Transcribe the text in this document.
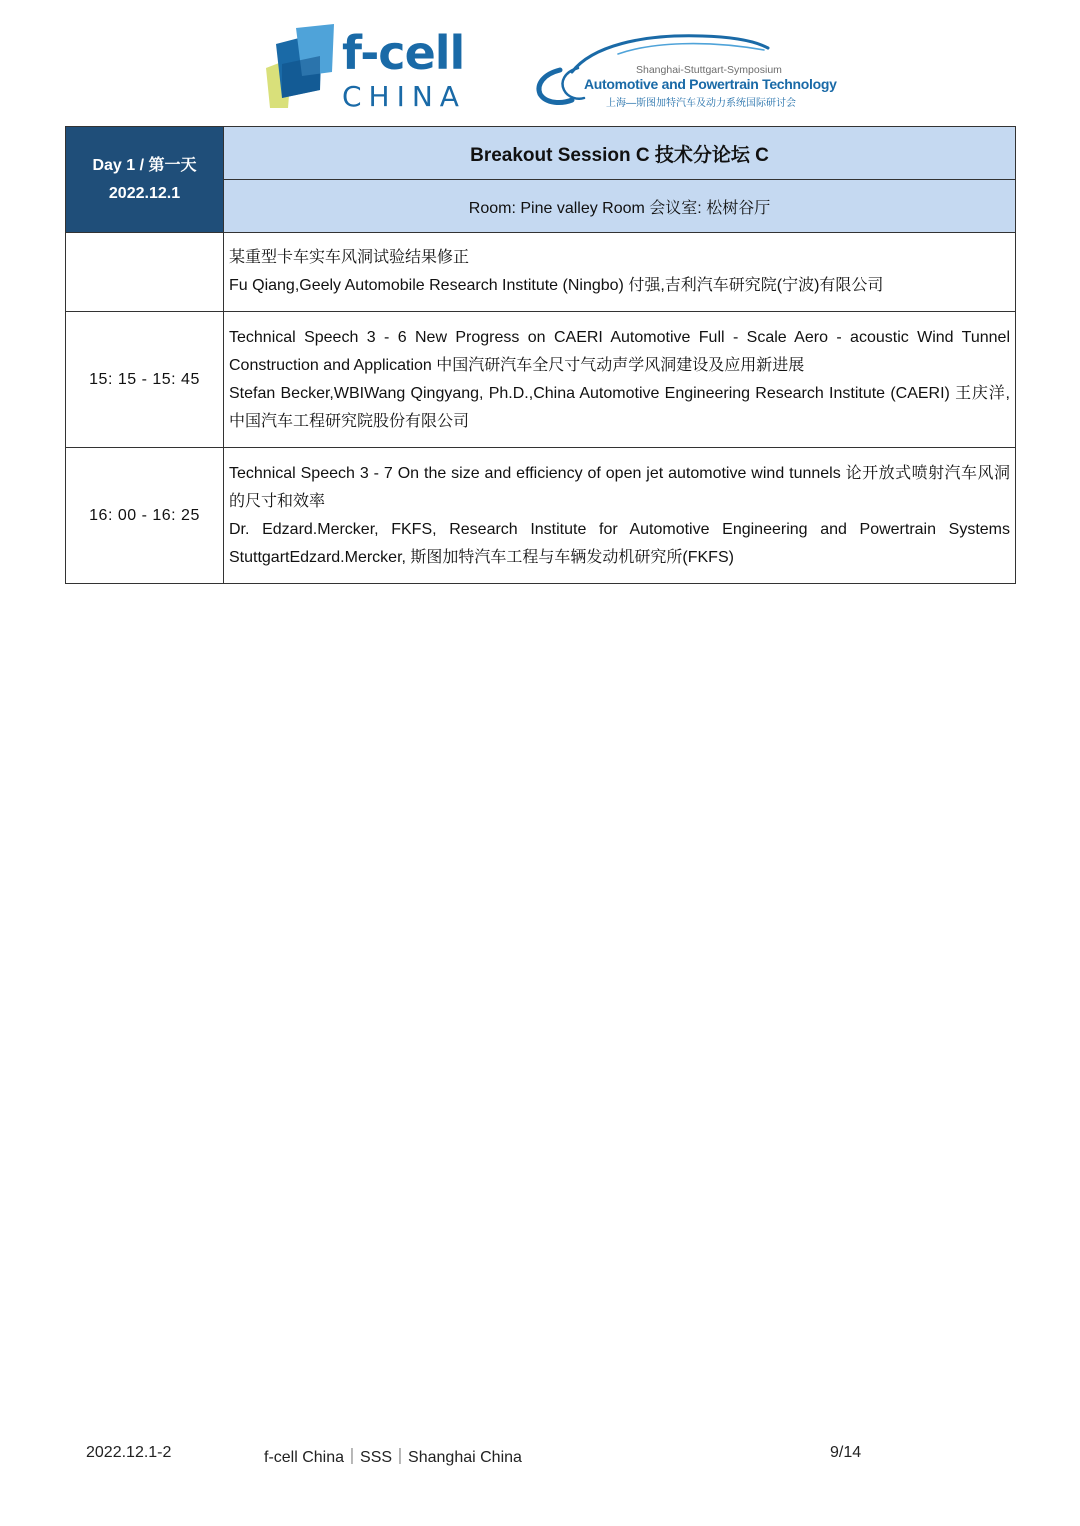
f-cell
CHINA
Shanghai-Stuttgart-Symposium
Automotive and Powertrain Technology
上海—斯图加特汽车及动力系统国际研讨会
Day 1 / 第一天
2022.12.1	Breakout Session C 技术分论坛 C
	Room: Pine valley Room 会议室: 松树谷厅

	某重型卡车实车风洞试验结果修正
Fu Qiang,Geely Automobile Research Institute (Ningbo) 付强,吉利汽车研究院(宁波)有限公司

15: 15 - 15: 45	Technical Speech 3 - 6 New Progress on CAERI Automotive Full - Scale Aero - acoustic Wind Tunnel Construction and Application 中国汽研汽车全尺寸气动声学风洞建设及应用新进展
Stefan Becker,WBIWang Qingyang, Ph.D.,China Automotive Engineering Research Institute (CAERI) 王庆洋,中国汽车工程研究院股份有限公司

16: 00 - 16: 25	Technical Speech 3 - 7 On the size and efficiency of open jet automotive wind tunnels 论开放式喷射汽车风洞的尺寸和效率
Dr. Edzard.Mercker, FKFS, Research Institute for Automotive Engineering and Powertrain Systems StuttgartEdzard.Mercker, 斯图加特汽车工程与车辆发动机研究所(FKFS)
2022.12.1-2	f-cell China｜SSS｜Shanghai China	9/14
